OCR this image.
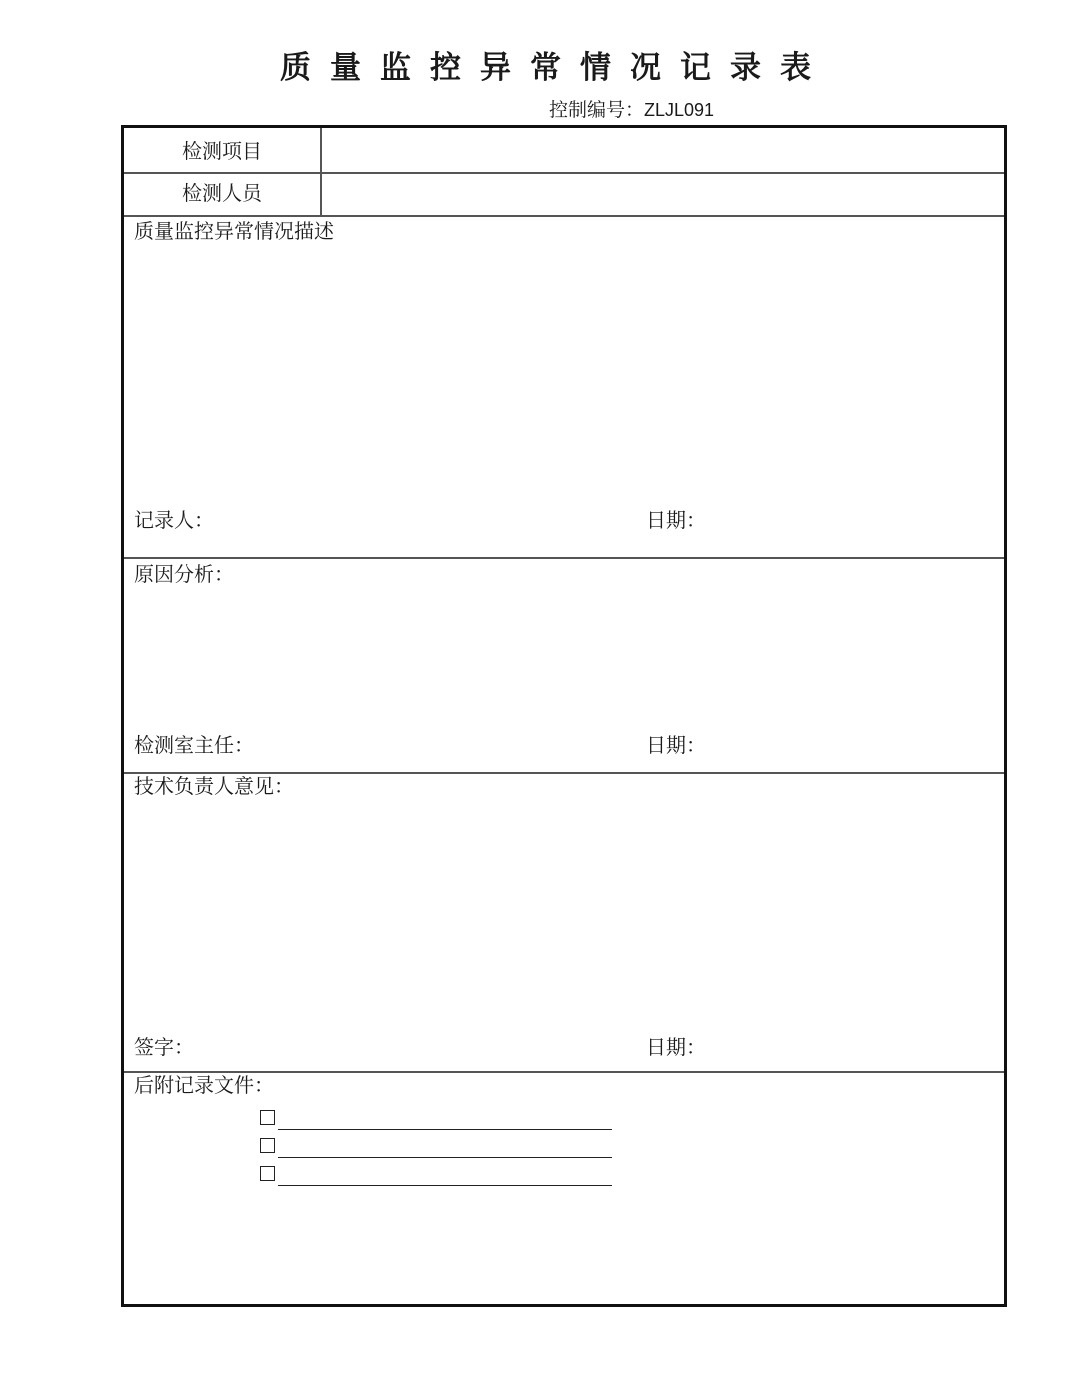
质量监控异常情况记录表
控制编号：ZLJL091
检测项目
检测人员
质量监控异常情况描述
记录人：	日期：
原因分析：
检测室主任：	日期：
技术负责人意见：
签字：	日期：
后附记录文件：
